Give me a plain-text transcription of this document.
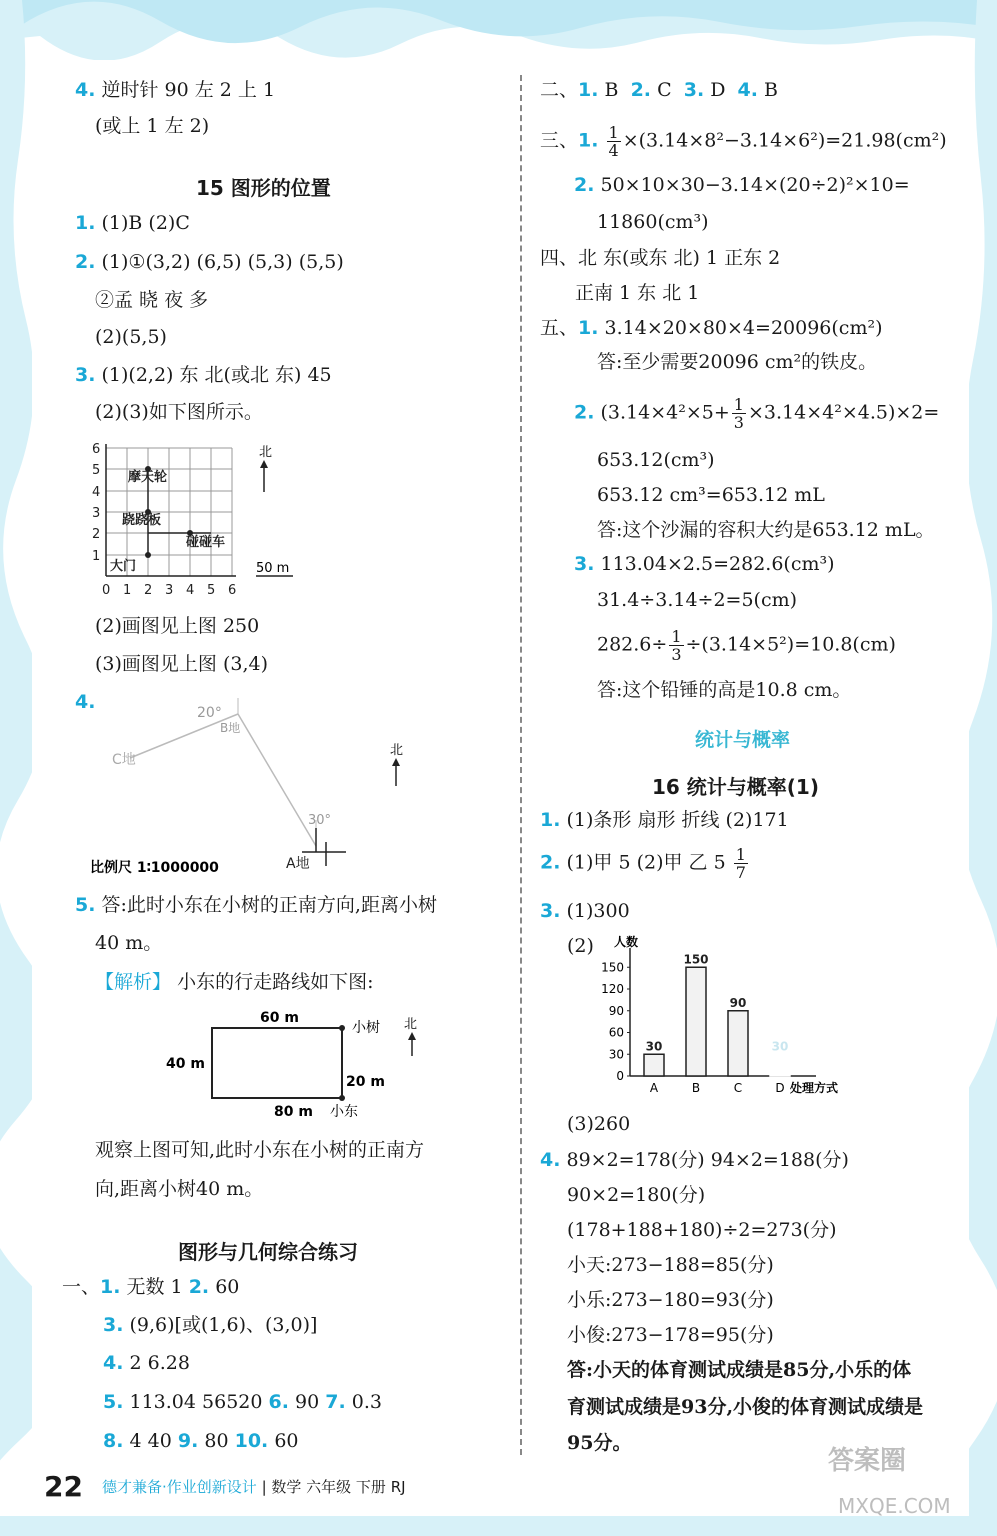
4. 逆时针 90 左 2 上 1
(或上 1 左 2)
15 图形的位置
1. (1)B (2)C
2. (1)①(3,2) (6,5) (5,3) (5,5)
②孟 晓 夜 多
(2)(5,5)
3. (1)(2,2) 东 北(或北 东) 45
(2)(3)如下图所示。
6
5
4
3
2
1
0 1 2 3 4 5 6
摩天轮
跷跷板
碰碰车
大门
北
50 m
(2)画图见上图 250
(3)画图见上图 (3,4)
4.	20°
B地
C地
30°
A地
北
比例尺 1∶1000000
5. 答:此时小东在小树的正南方向,距离小树
40 m。
【解析】 小东的行走路线如下图:
60 m
40 m
20 m
80 m
小树
小东
北
观察上图可知,此时小东在小树的正南方
向,距离小树40 m。
图形与几何综合练习
一、1. 无数 1 2. 60
3. (9,6)[或(1,6)、(3,0)]
4. 2 6.28
5. 113.04 56520 6. 90 7. 0.3
8. 4 40 9. 80 10. 60
二、1. B 2. C 3. D 4. B
三、1. $\frac{1}{4} \times(3.14\times 8^2-3.14\times 6^2)=21.98(cm^2)$
2. 50×10×30−3.14×(20÷2)²×10=
11860(cm³)
四、北 东(或东 北) 1 正东 2
正南 1 东 北 1
五、1. 3.14×20×80×4=20096(cm²)
答:至少需要20096 cm²的铁皮。
2. $(3.14\times 4^2\times 5+ \frac{1}{3} \times 3.14\times 4^2\times 4.5)\times 2=$
653.12(cm³)
653.12 cm³=653.12 mL
答:这个沙漏的容积大约是653.12 mL。
3. 113.04×2.5=282.6(cm³)
31.4÷3.14÷2=5(cm)
$282.6\div \frac{1}{3} \div(3.14\times 5^2)=10.8(cm)$
答:这个铅锤的高是10.8 cm。
统计与概率
16 统计与概率(1)
1. (1)条形 扇形 折线 (2)171
2. (1)甲 5 (2)甲 乙 $5 \frac{1}{7}$
3. (1)300
(2) 人数
处理方式
0
30
60
90
120
150
30
A
150
B
90
C
30
D
(3)260
4. 89×2=178(分) 94×2=188(分)
90×2=180(分)
(178+188+180)÷2=273(分)
小天:273−188=85(分)
小乐:273−180=93(分)
小俊:273−178=95(分)
答:小天的体育测试成绩是85分,小乐的体
育测试成绩是93分,小俊的体育测试成绩是
95分。
22 德才兼备·作业创新设计 | 数学 六年级 下册 RJ
答案圈
MXQE.COM
